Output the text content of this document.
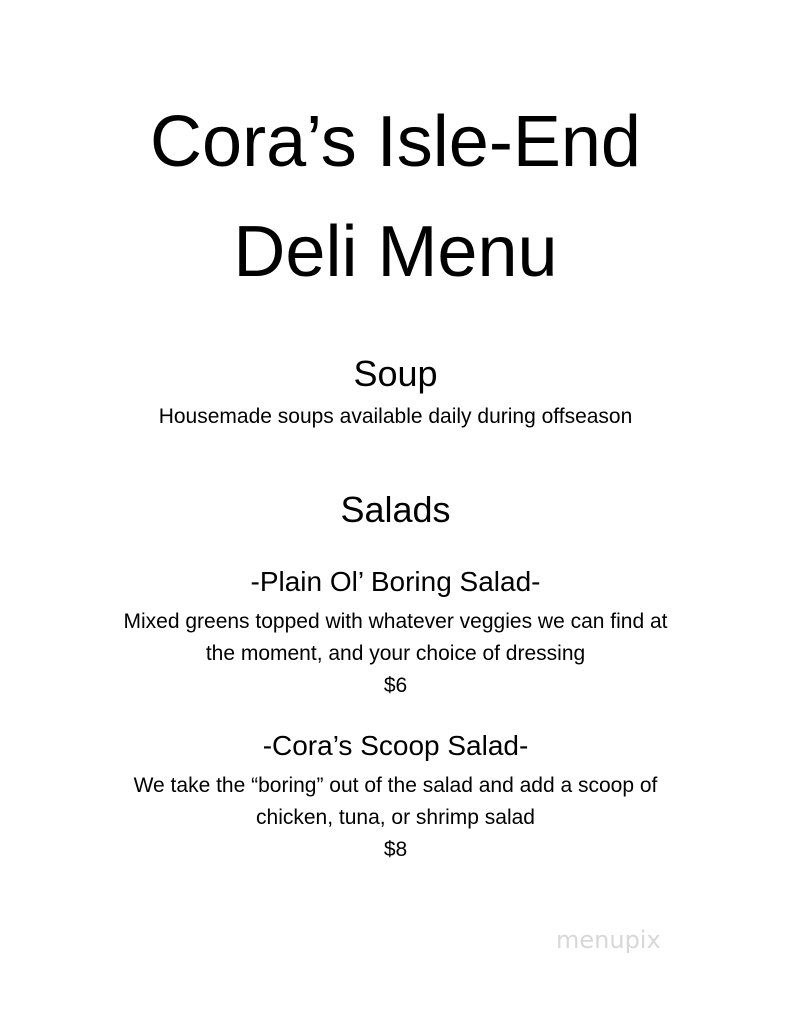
Cora’s Isle-End
Deli Menu
Soup

Housemade soups available daily during offseason

Salads
-Plain Ol’ Boring Salad-

Mixed greens topped with whatever veggies we can find at

the moment, and your choice of dressing

$6

-Cora’s Scoop Salad-

We take the “boring” out of the salad and add a scoop of

chicken, tuna, or shrimp salad

$8

menupix
